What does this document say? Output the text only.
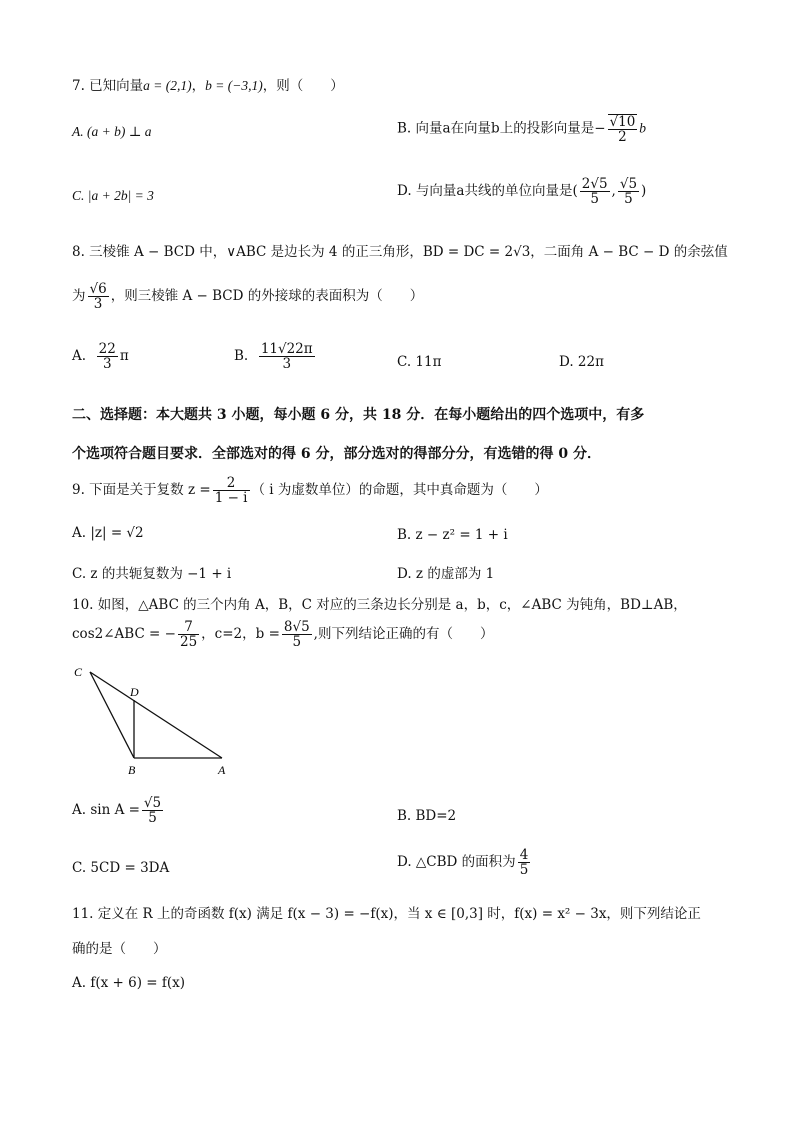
7. 已知向量a = (2,1)，b = (−3,1)，则（　　）
A. (a + b) ⊥ a	B. 向量a在向量b上的投影向量是− $\frac{√10}{2}$ b
C. |a + 2b| = 3	D. 与向量a共线的单位向量是( $\frac{2√5}{5}$ , $\frac{√5}{5}$ )
8. 三棱锥 A − BCD 中，∨ABC 是边长为 4 的正三角形，BD = DC = 2√3，二面角 A − BC − D 的余弦值
为 $\frac{√6}{3}$ ，则三棱锥 A − BCD 的外接球的表面积为（　　）
A. $\frac{22}{3}$ π	B. $\frac{11√22\pi}{3}$	C. 11π	D. 22π
二、选择题：本大题共 3 小题，每小题 6 分，共 18 分．在每小题给出的四个选项中，有多
个选项符合题目要求．全部选对的得 6 分，部分选对的得部分分，有选错的得 0 分．
9. 下面是关于复数 $z = \frac{2}{1 - i}$ （ i 为虚数单位）的命题，其中真命题为（　　）
A. |z| = √2	B. z − z² = 1 + i
C. z 的共轭复数为 −1 + i	D. z 的虚部为 1
10. 如图，△ABC 的三个内角 A，B，C 对应的三条边长分别是 a，b，c，∠ABC 为钝角，BD⊥AB，
cos2∠ABC = − $\frac{7}{25}$ ，c=2，$b = \frac{8√5}{5}$ ,则下列结论正确的有（　　）
C
D
B	A
A. $\sin A = \frac{√5}{5}$	B. BD=2
C. 5CD = 3DA	D. △CBD 的面积为 $\frac{4}{5}$
11. 定义在 R 上的奇函数 f(x) 满足 f(x − 3) = −f(x)，当 x ∈ [0,3] 时，f(x) = x² − 3x，则下列结论正
确的是（　　）
A. f(x + 6) = f(x)
